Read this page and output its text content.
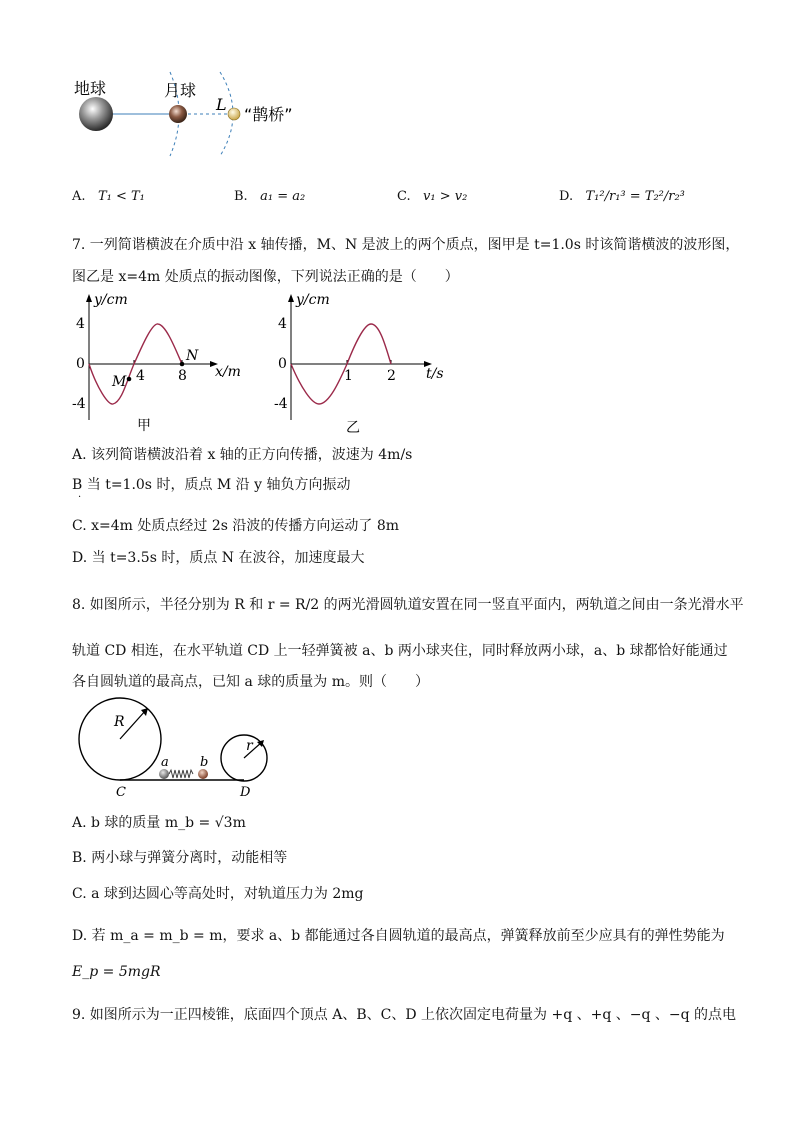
地球	月球
L
“鹊桥”
A. T₁ < T₁	B. a₁ = a₂	C. v₁ > v₂	D. T₁²/r₁³ = T₂²/r₂³
7. 一列简谐横波在介质中沿 x 轴传播，M、N 是波上的两个质点，图甲是 t=1.0s 时该简谐横波的波形图，
图乙是 x=4m 处质点的振动图像，下列说法正确的是（　　）
y/cm
4
0
-4
4 8 x/m
M
N
甲
y/cm
4
0
-4
1 2 t/s
乙
A. 该列简谐横波沿着 x 轴的正方向传播，波速为 4m/s
B 当 t=1.0s 时，质点 M 沿 y 轴负方向振动
·
C. x=4m 处质点经过 2s 沿波的传播方向运动了 8m
D. 当 t=3.5s 时，质点 N 在波谷，加速度最大
8. 如图所示，半径分别为 R 和 r = R/2 的两光滑圆轨道安置在同一竖直平面内，两轨道之间由一条光滑水平
轨道 CD 相连，在水平轨道 CD 上一轻弹簧被 a、b 两小球夹住，同时释放两小球，a、b 球都恰好能通过
各自圆轨道的最高点，已知 a 球的质量为 m。则（　　）
R
r
a b
C	D
A. b 球的质量 m_b = √3m
B. 两小球与弹簧分离时，动能相等
C. a 球到达圆心等高处时，对轨道压力为 2mg
D. 若 m_a = m_b = m，要求 a、b 都能通过各自圆轨道的最高点，弹簧释放前至少应具有的弹性势能为
E_p = 5mgR
9. 如图所示为一正四棱锥，底面四个顶点 A、B、C、D 上依次固定电荷量为 +q 、+q 、−q 、−q 的点电
